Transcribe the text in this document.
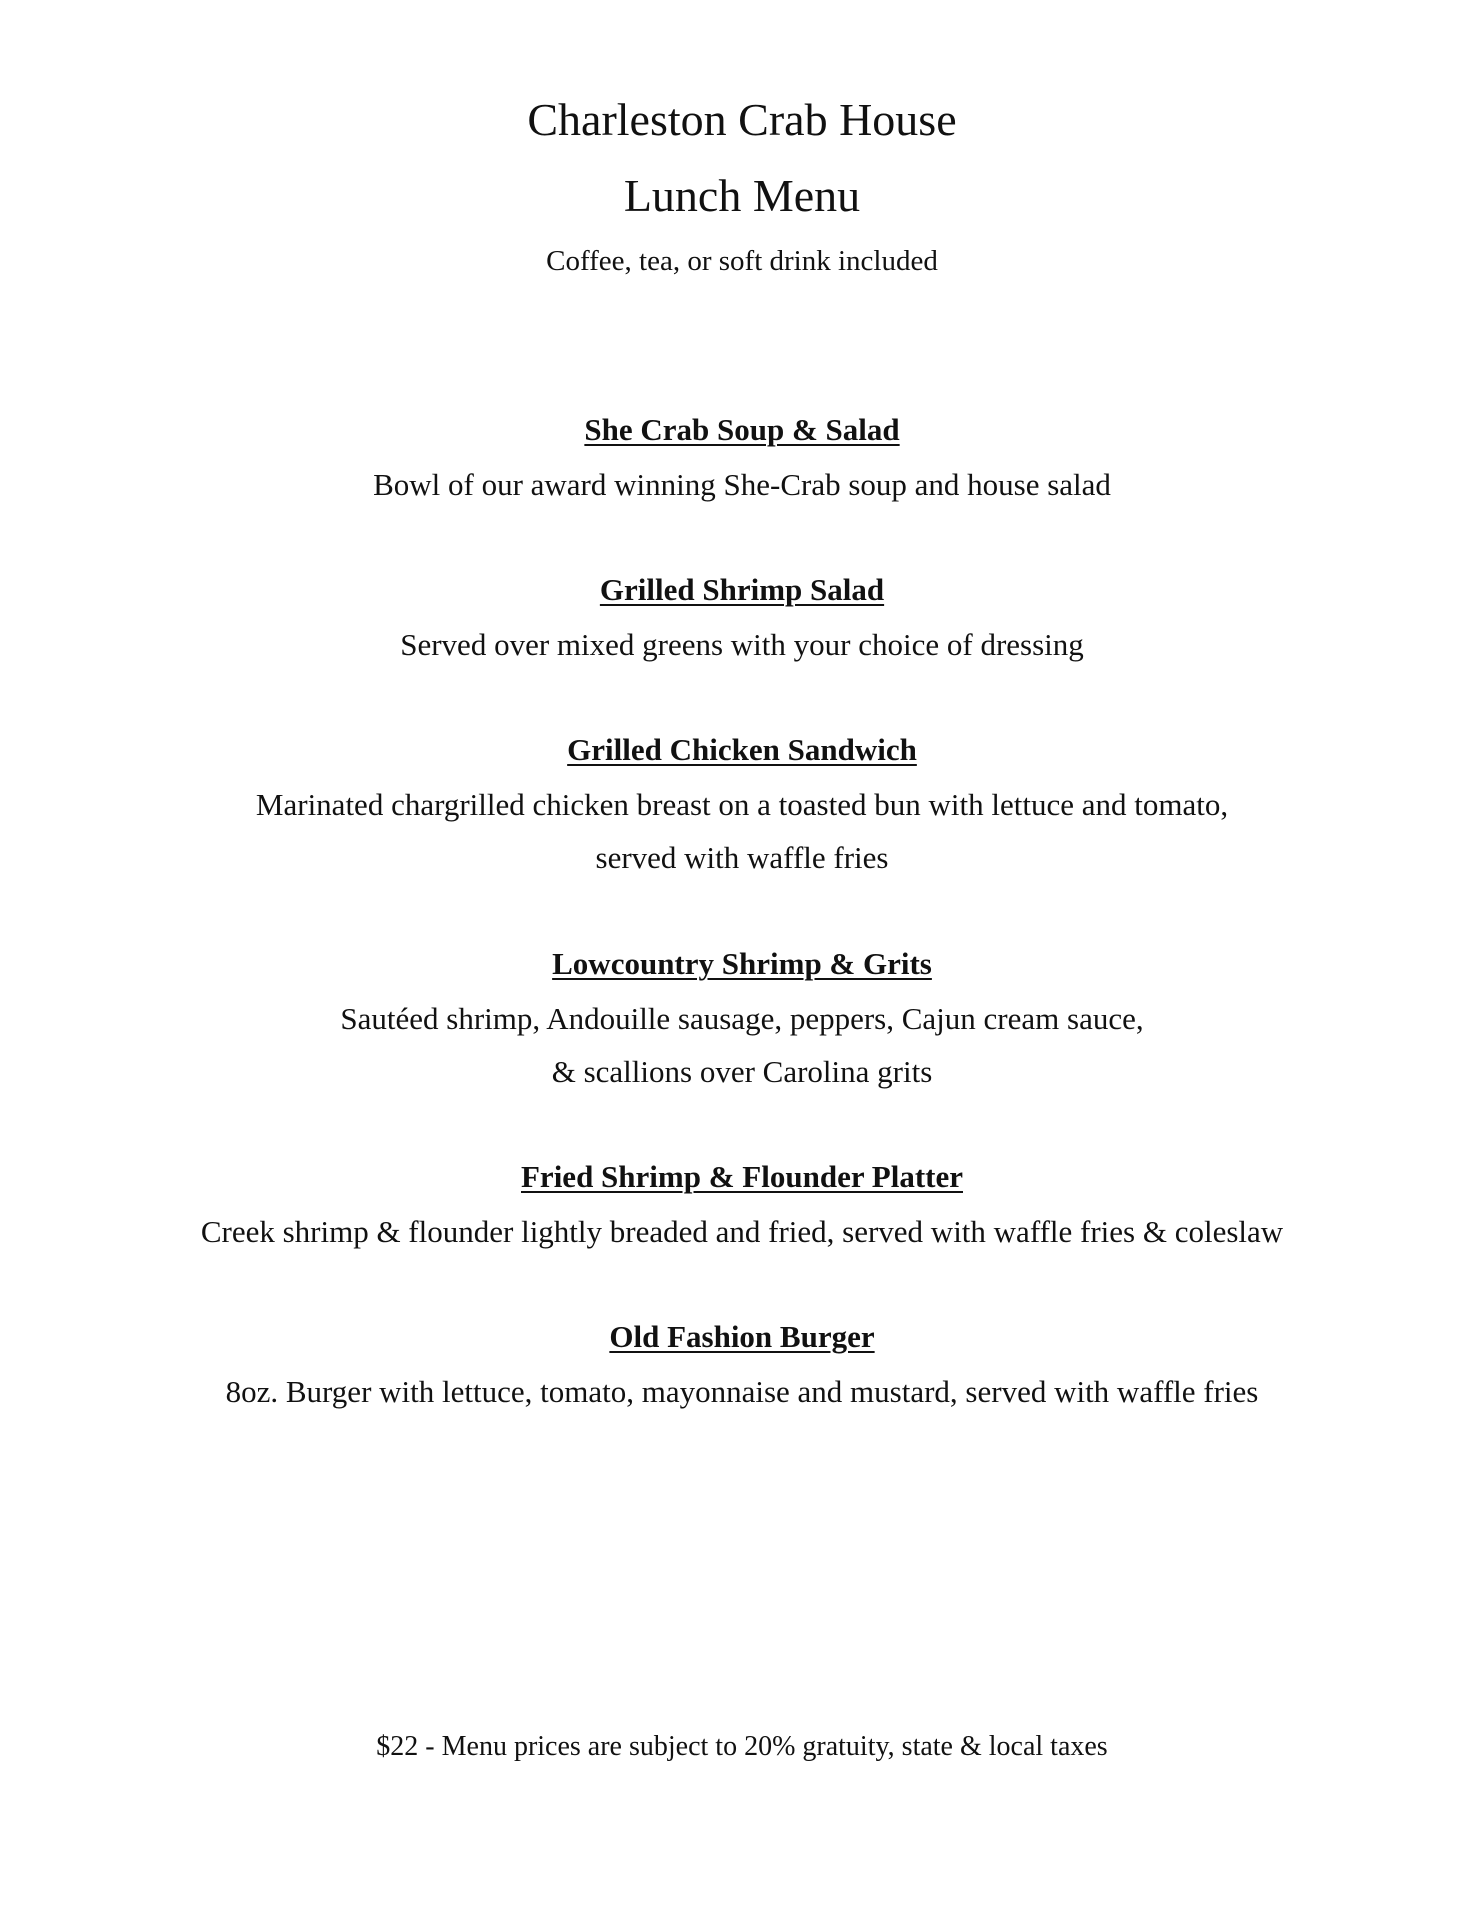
Charleston Crab House
Lunch Menu
Coffee, tea, or soft drink included
She Crab Soup & Salad
Bowl of our award winning She-Crab soup and house salad
Grilled Shrimp Salad
Served over mixed greens with your choice of dressing
Grilled Chicken Sandwich
Marinated chargrilled chicken breast on a toasted bun with lettuce and tomato,
served with waffle fries
Lowcountry Shrimp & Grits
Sautéed shrimp, Andouille sausage, peppers, Cajun cream sauce,
& scallions over Carolina grits
Fried Shrimp & Flounder Platter
Creek shrimp & flounder lightly breaded and fried, served with waffle fries & coleslaw
Old Fashion Burger
8oz. Burger with lettuce, tomato, mayonnaise and mustard, served with waffle fries
$22 - Menu prices are subject to 20% gratuity, state & local taxes
